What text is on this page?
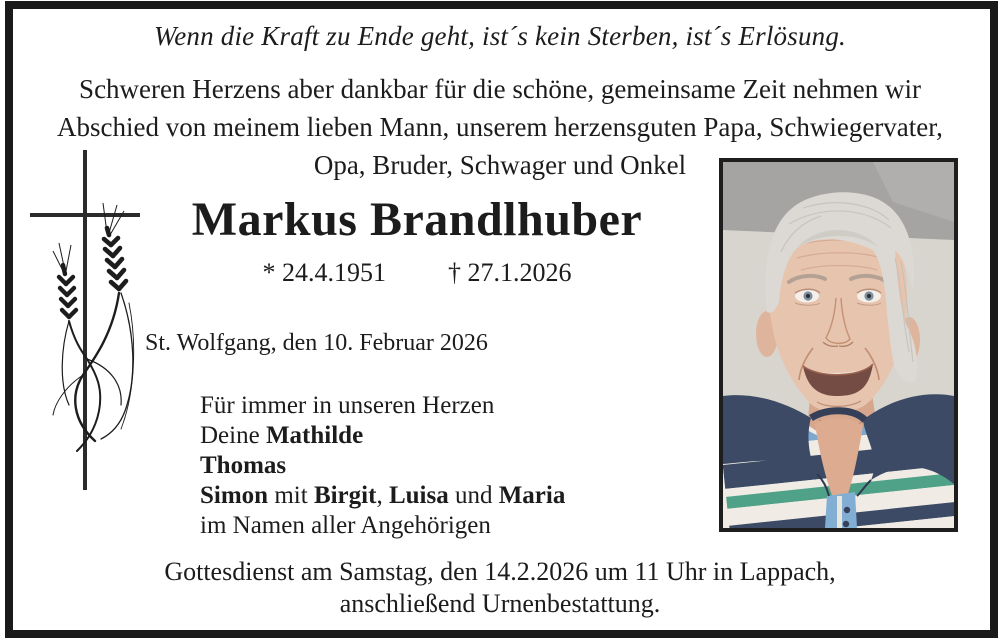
Wenn die Kraft zu Ende geht, ist´s kein Sterben, ist´s Erlösung.
Schweren Herzens aber dankbar für die schöne, gemeinsame Zeit nehmen wir
Abschied von meinem lieben Mann, unserem herzensguten Papa, Schwiegervater,
Opa, Bruder, Schwager und Onkel
Markus Brandlhuber
* 24.4.1951 † 27.1.2026
St. Wolfgang, den 10. Februar 2026
Für immer in unseren Herzen
Deine Mathilde
Thomas
Simon mit Birgit, Luisa und Maria
im Namen aller Angehörigen
Gottesdienst am Samstag, den 14.2.2026 um 11 Uhr in Lappach,
anschließend Urnenbestattung.
